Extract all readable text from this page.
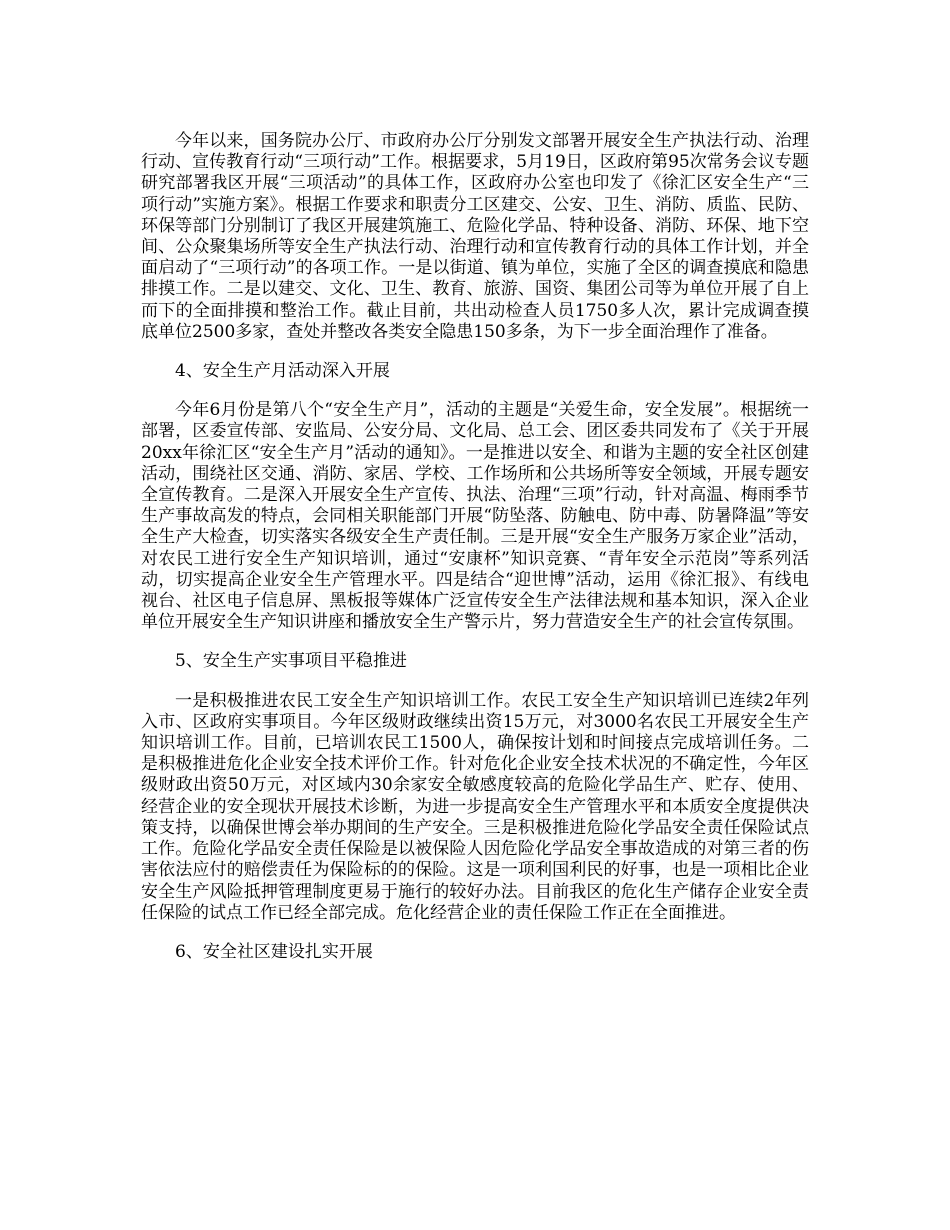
今年以来，国务院办公厅、市政府办公厅分别发文部署开展安全生产执法行动、治理行动、宣传教育行动“三项行动”工作。根据要求，5月19日，区政府第95次常务会议专题研究部署我区开展“三项活动”的具体工作，区政府办公室也印发了《徐汇区安全生产“三项行动”实施方案》。根据工作要求和职责分工区建交、公安、卫生、消防、质监、民防、环保等部门分别制订了我区开展建筑施工、危险化学品、特种设备、消防、环保、地下空间、公众聚集场所等安全生产执法行动、治理行动和宣传教育行动的具体工作计划，并全面启动了“三项行动”的各项工作。一是以街道、镇为单位，实施了全区的调查摸底和隐患排摸工作。二是以建交、文化、卫生、教育、旅游、国资、集团公司等为单位开展了自上而下的全面排摸和整治工作。截止目前，共出动检查人员1750多人次，累计完成调查摸底单位2500多家，查处并整改各类安全隐患150多条，为下一步全面治理作了准备。

4、安全生产月活动深入开展

今年6月份是第八个“安全生产月”，活动的主题是“关爱生命，安全发展”。根据统一部署，区委宣传部、安监局、公安分局、文化局、总工会、团区委共同发布了《关于开展20xx年徐汇区“安全生产月”活动的通知》。一是推进以安全、和谐为主题的安全社区创建活动，围绕社区交通、消防、家居、学校、工作场所和公共场所等安全领域，开展专题安全宣传教育。二是深入开展安全生产宣传、执法、治理“三项”行动，针对高温、梅雨季节生产事故高发的特点，会同相关职能部门开展“防坠落、防触电、防中毒、防暑降温”等安全生产大检查，切实落实各级安全生产责任制。三是开展“安全生产服务万家企业”活动，对农民工进行安全生产知识培训，通过“安康杯”知识竞赛、“青年安全示范岗”等系列活动，切实提高企业安全生产管理水平。四是结合“迎世博”活动，运用《徐汇报》、有线电视台、社区电子信息屏、黑板报等媒体广泛宣传安全生产法律法规和基本知识，深入企业单位开展安全生产知识讲座和播放安全生产警示片，努力营造安全生产的社会宣传氛围。

5、安全生产实事项目平稳推进

一是积极推进农民工安全生产知识培训工作。农民工安全生产知识培训已连续2年列入市、区政府实事项目。今年区级财政继续出资15万元，对3000名农民工开展安全生产知识培训工作。目前，已培训农民工1500人，确保按计划和时间接点完成培训任务。二是积极推进危化企业安全技术评价工作。针对危化企业安全技术状况的不确定性，今年区级财政出资50万元，对区域内30余家安全敏感度较高的危险化学品生产、贮存、使用、经营企业的安全现状开展技术诊断，为进一步提高安全生产管理水平和本质安全度提供决策支持，以确保世博会举办期间的生产安全。三是积极推进危险化学品安全责任保险试点工作。危险化学品安全责任保险是以被保险人因危险化学品安全事故造成的对第三者的伤害依法应付的赔偿责任为保险标的的保险。这是一项利国利民的好事，也是一项相比企业安全生产风险抵押管理制度更易于施行的较好办法。目前我区的危化生产储存企业安全责任保险的试点工作已经全部完成。危化经营企业的责任保险工作正在全面推进。

6、安全社区建设扎实开展
